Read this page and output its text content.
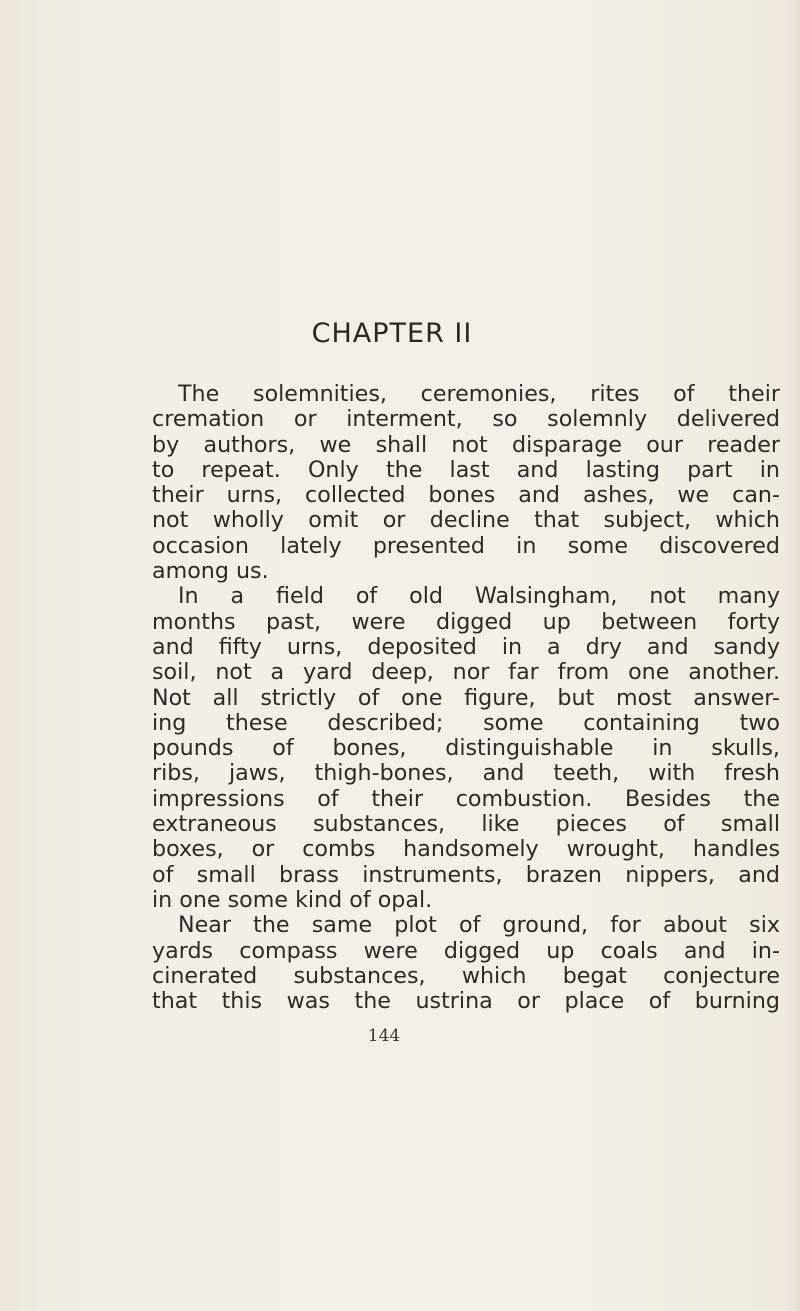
CHAPTER II
The solemnities, ceremonies, rites of their
cremation or interment, so solemnly delivered
by authors, we shall not disparage our reader
to repeat. Only the last and lasting part in
their urns, collected bones and ashes, we can-
not wholly omit or decline that subject, which
occasion lately presented in some discovered
among us.
In a field of old Walsingham, not many
months past, were digged up between forty
and fifty urns, deposited in a dry and sandy
soil, not a yard deep, nor far from one another.
Not all strictly of one figure, but most answer-
ing these described; some containing two
pounds of bones, distinguishable in skulls,
ribs, jaws, thigh-bones, and teeth, with fresh
impressions of their combustion. Besides the
extraneous substances, like pieces of small
boxes, or combs handsomely wrought, handles
of small brass instruments, brazen nippers, and
in one some kind of opal.
Near the same plot of ground, for about six
yards compass were digged up coals and in-
cinerated substances, which begat conjecture
that this was the ustrina or place of burning
144
